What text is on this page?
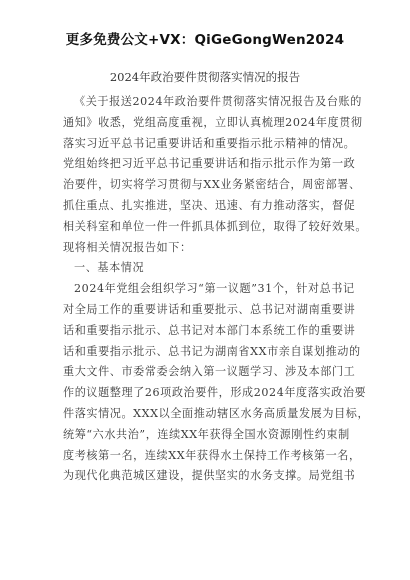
更多免费公文+VX：QiGeGongWen2024
2024年政治要件贯彻落实情况的报告
《关于报送2024年政治要件贯彻落实情况报告及台账的
通知》收悉，党组高度重视，立即认真梳理2024年度贯彻
落实习近平总书记重要讲话和重要指示批示精神的情况。
党组始终把习近平总书记重要讲话和指示批示作为第一政
治要件，切实将学习贯彻与XX业务紧密结合，周密部署、
抓住重点、扎实推进，坚决、迅速、有力推动落实，督促
相关科室和单位一件一件抓具体抓到位，取得了较好效果。
现将相关情况报告如下：
一、基本情况
2024年党组会组织学习“第一议题”31个，针对总书记
对全局工作的重要讲话和重要批示、总书记对湖南重要讲
话和重要指示批示、总书记对本部门本系统工作的重要讲
话和重要指示批示、总书记为湖南省XX市亲自谋划推动的
重大文件、市委常委会纳入第一议题学习、涉及本部门工
作的议题整理了26项政治要件，形成2024年度落实政治要
件落实情况。XXX以全面推动辖区水务高质量发展为目标，
统筹“六水共治”，连续XX年获得全国水资源刚性约束制
度考核第一名，连续XX年获得水土保持工作考核第一名，
为现代化典范城区建设，提供坚实的水务支撑。局党组书
